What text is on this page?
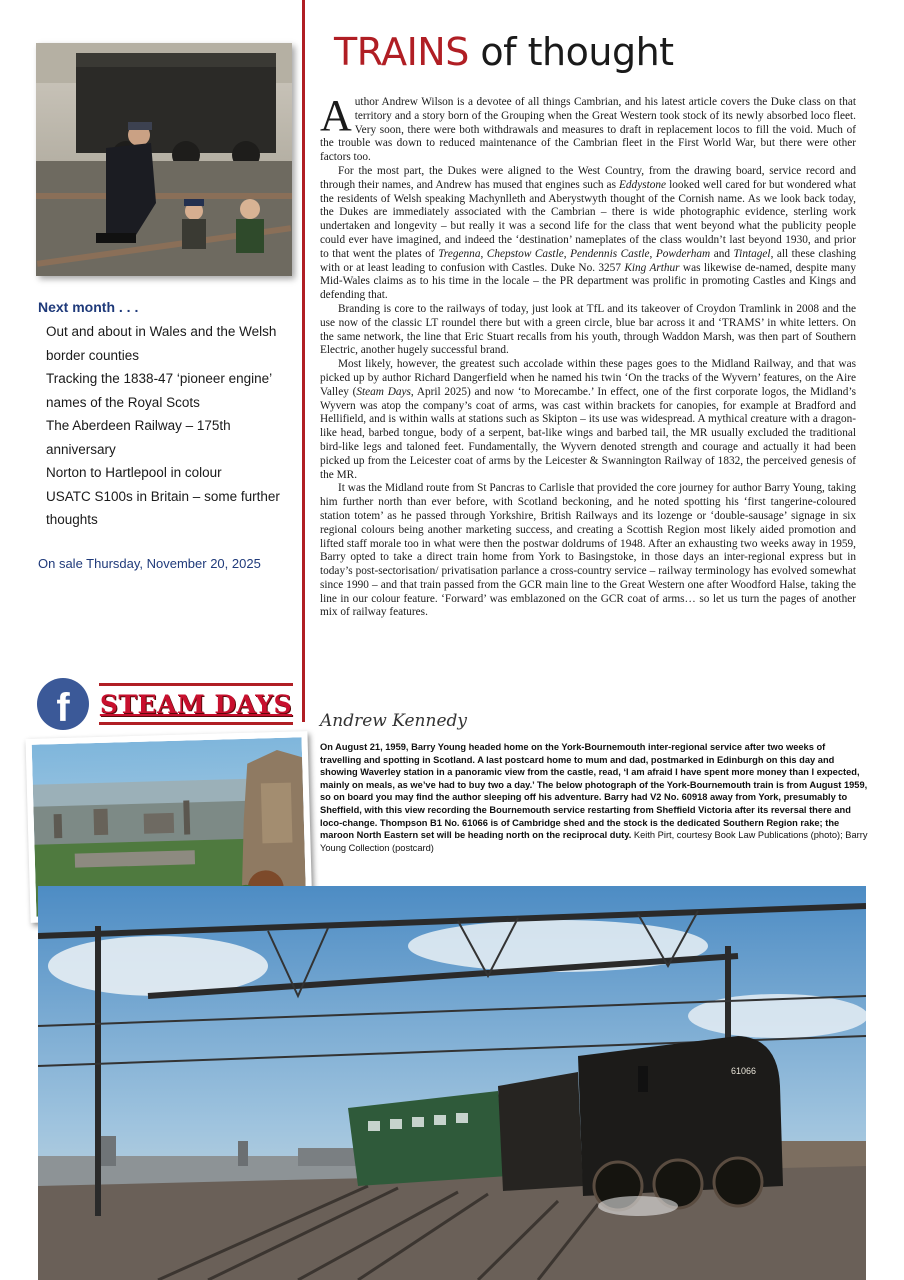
Next month . . .
Out and about in Wales and the Welsh border counties
Tracking the 1838-47 ‘pioneer engine’ names of the Royal Scots
The Aberdeen Railway – 175th anniversary
Norton to Hartlepool in colour
USATC S100s in Britain – some further thoughts

On sale Thursday, November 20, 2025

f	STEAM DAYS
TRAINS of thought

Author Andrew Wilson is a devotee of all things Cambrian, and his latest article covers the Duke class on that territory and a story born of the Grouping when the Great Western took stock of its newly absorbed loco fleet. Very soon, there were both withdrawals and measures to draft in replacement locos to fill the void. Much of the trouble was down to reduced maintenance of the Cambrian fleet in the First World War, but there were other factors too.

For the most part, the Dukes were aligned to the West Country, from the drawing board, service record and through their names, and Andrew has mused that engines such as Eddystone looked well cared for but wondered what the residents of Welsh speaking Machynlleth and Aberystwyth thought of the Cornish name. As we look back today, the Dukes are immediately associated with the Cambrian – there is wide photographic evidence, sterling work undertaken and longevity – but really it was a second life for the class that went beyond what the publicity people could ever have imagined, and indeed the ‘destination’ nameplates of the class wouldn’t last beyond 1930, and prior to that went the plates of Tregenna, Chepstow Castle, Pendennis Castle, Powderham and Tintagel, all these clashing with or at least leading to confusion with Castles. Duke No. 3257 King Arthur was likewise de-named, despite many Mid-Wales claims as to his time in the locale – the PR department was prolific in promoting Castles and Kings and defending that.

Branding is core to the railways of today, just look at TfL and its takeover of Croydon Tramlink in 2008 and the use now of the classic LT roundel there but with a green circle, blue bar across it and ‘TRAMS’ in white letters. On the same network, the line that Eric Stuart recalls from his youth, through Waddon Marsh, was then part of Southern Electric, another hugely successful brand.

Most likely, however, the greatest such accolade within these pages goes to the Midland Railway, and that was picked up by author Richard Dangerfield when he named his twin ‘On the tracks of the Wyvern’ features, on the Aire Valley (Steam Days, April 2025) and now ‘to Morecambe.’ In effect, one of the first corporate logos, the Midland’s Wyvern was atop the company’s coat of arms, was cast within brackets for canopies, for example at Bradford and Hellifield, and is within walls at stations such as Skipton – its use was widespread. A mythical creature with a dragon-like head, barbed tongue, body of a serpent, bat-like wings and barbed tail, the MR usually excluded the traditional bird-like legs and taloned feet. Fundamentally, the Wyvern denoted strength and courage and actually it had been picked up from the Leicester coat of arms by the Leicester & Swannington Railway of 1832, the perceived genesis of the MR.

It was the Midland route from St Pancras to Carlisle that provided the core journey for author Barry Young, taking him further north than ever before, with Scotland beckoning, and he noted spotting his ‘first tangerine-coloured station totem’ as he passed through Yorkshire, British Railways and its lozenge or ‘double-sausage’ signage in six regional colours being another marketing success, and creating a Scottish Region most likely aided promotion and lifted staff morale too in what were then the postwar doldrums of 1948. After an exhausting two weeks away in 1959, Barry opted to take a direct train home from York to Basingstoke, in those days an inter-regional express but in today’s post-sectorisation/ privatisation parlance a cross-country service – railway terminology has evolved somewhat since 1990 – and that train passed from the GCR main line to the Great Western one after Woodford Halse, taking the line in our colour feature. ‘Forward’ was emblazoned on the GCR coat of arms… so let us turn the pages of another mix of railway features.

Andrew Kennedy

On August 21, 1959, Barry Young headed home on the York-Bournemouth inter-regional service after two weeks of travelling and spotting in Scotland. A last postcard home to mum and dad, postmarked in Edinburgh on this day and showing Waverley station in a panoramic view from the castle, read, ‘I am afraid I have spent more money than I expected, mainly on meals, as we’ve had to buy two a day.’ The below photograph of the York-Bournemouth train is from August 1959, so on board you may find the author sleeping off his adventure. Barry had V2 No. 60918 away from York, presumably to Sheffield, with this view recording the Bournemouth service restarting from Sheffield Victoria after its reversal there and loco-change. Thompson B1 No. 61066 is of Cambridge shed and the stock is the dedicated Southern Region rake; the maroon North Eastern set will be heading north on the reciprocal duty. Keith Pirt, courtesy Book Law Publications (photo); Barry Young Collection (postcard)

61066
